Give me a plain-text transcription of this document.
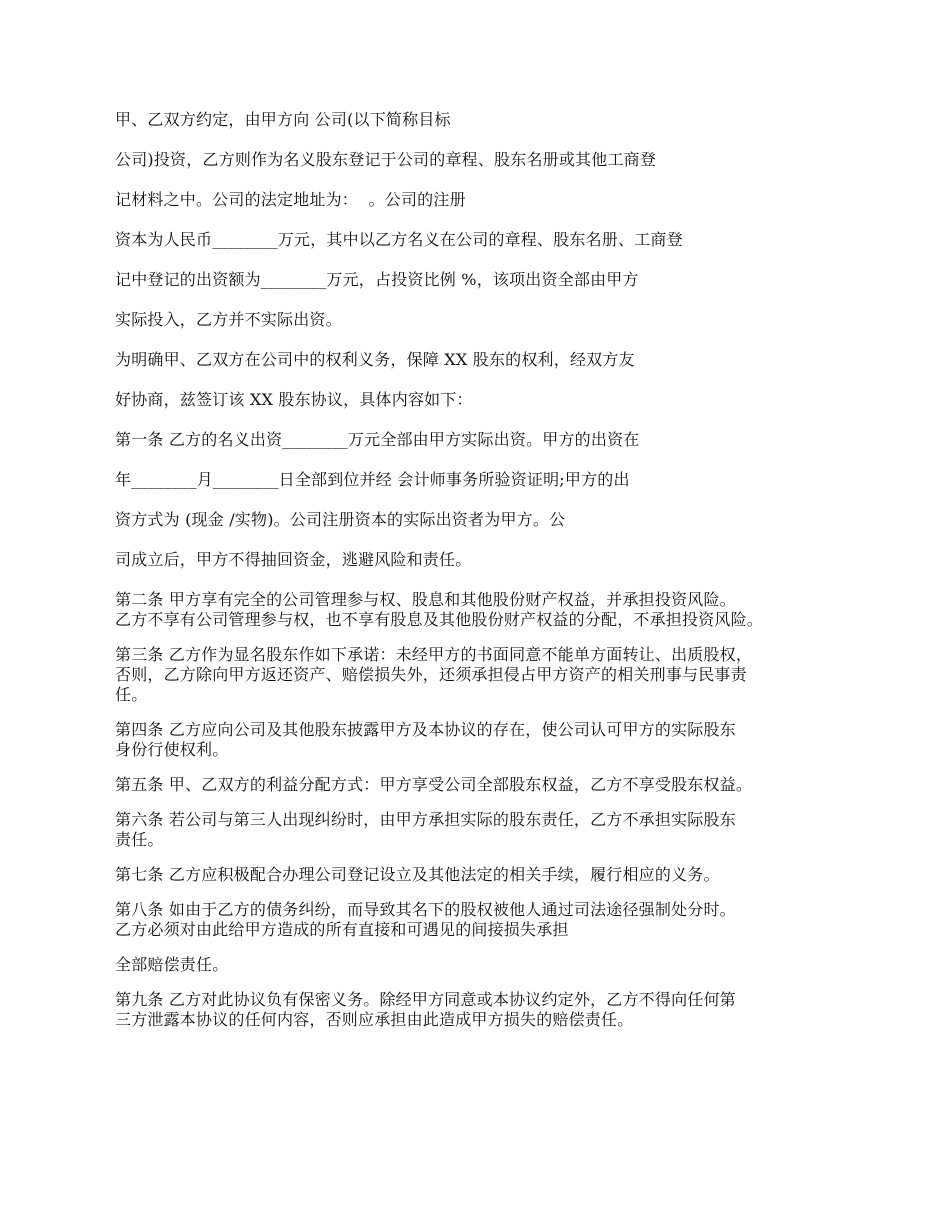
甲、乙双方约定，由甲方向 公司(以下简称目标
公司)投资，乙方则作为名义股东登记于公司的章程、股东名册或其他工商登
记材料之中。公司的法定地址为：  。公司的注册
资本为人民币________万元，其中以乙方名义在公司的章程、股东名册、工商登
记中登记的出资额为________万元，占投资比例 %，该项出资全部由甲方
实际投入，乙方并不实际出资。
为明确甲、乙双方在公司中的权利义务，保障 XX 股东的权利，经双方友
好协商，兹签订该 XX 股东协议，具体内容如下：
第一条 乙方的名义出资________万元全部由甲方实际出资。甲方的出资在
年________月________日全部到位并经 会计师事务所验资证明;甲方的出
资方式为 (现金 /实物)。公司注册资本的实际出资者为甲方。公
司成立后，甲方不得抽回资金，逃避风险和责任。
第二条 甲方享有完全的公司管理参与权、股息和其他股份财产权益，并承担投资风险。
乙方不享有公司管理参与权，也不享有股息及其他股份财产权益的分配，不承担投资风险。
第三条 乙方作为显名股东作如下承诺：未经甲方的书面同意不能单方面转让、出质股权，
否则，乙方除向甲方返还资产、赔偿损失外，还须承担侵占甲方资产的相关刑事与民事责
任。
第四条 乙方应向公司及其他股东披露甲方及本协议的存在，使公司认可甲方的实际股东
身份行使权利。
第五条 甲、乙双方的利益分配方式：甲方享受公司全部股东权益，乙方不享受股东权益。
第六条 若公司与第三人出现纠纷时，由甲方承担实际的股东责任，乙方不承担实际股东
责任。
第七条 乙方应积极配合办理公司登记设立及其他法定的相关手续，履行相应的义务。
第八条 如由于乙方的债务纠纷，而导致其名下的股权被他人通过司法途径强制处分时。
乙方必须对由此给甲方造成的所有直接和可遇见的间接损失承担
全部赔偿责任。
第九条 乙方对此协议负有保密义务。除经甲方同意或本协议约定外，乙方不得向任何第
三方泄露本协议的任何内容，否则应承担由此造成甲方损失的赔偿责任。
